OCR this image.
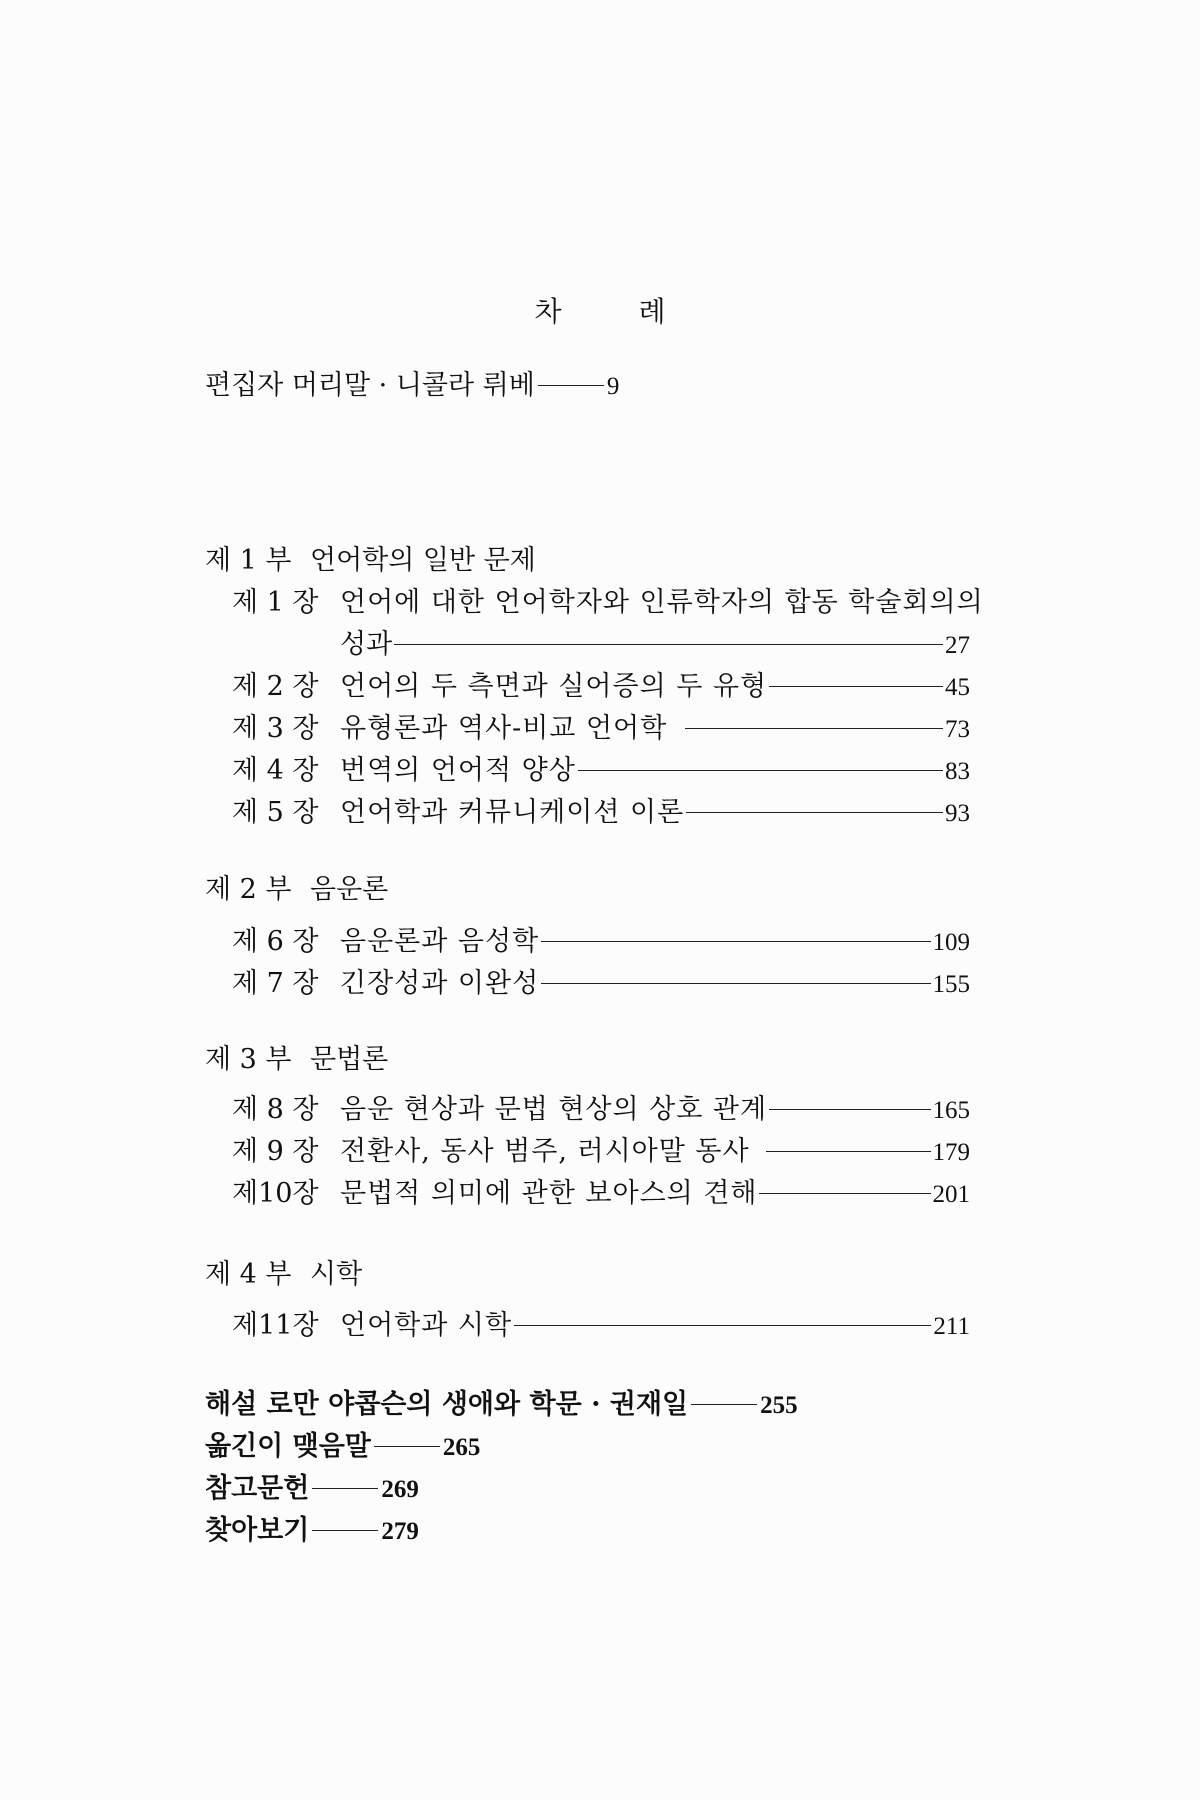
차 례
편집자 머리말 · 니콜라 뤼베	9
제 1 부 언어학의 일반 문제
제 1 장 언어에 대한 언어학자와 인류학자의 합동 학술회의의
성과	27
제 2 장 언어의 두 측면과 실어증의 두 유형	45
제 3 장 유형론과 역사-비교 언어학	73
제 4 장 번역의 언어적 양상	83
제 5 장 언어학과 커뮤니케이션 이론	93
제 2 부 음운론
제 6 장 음운론과 음성학	109
제 7 장 긴장성과 이완성	155
제 3 부 문법론
제 8 장 음운 현상과 문법 현상의 상호 관계	165
제 9 장 전환사, 동사 범주, 러시아말 동사	179
제10장 문법적 의미에 관한 보아스의 견해	201
제 4 부 시학
제11장 언어학과 시학	211
해설 로만 야콥슨의 생애와 학문 · 권재일	255
옮긴이 맺음말	265
참고문헌	269
찾아보기	279
